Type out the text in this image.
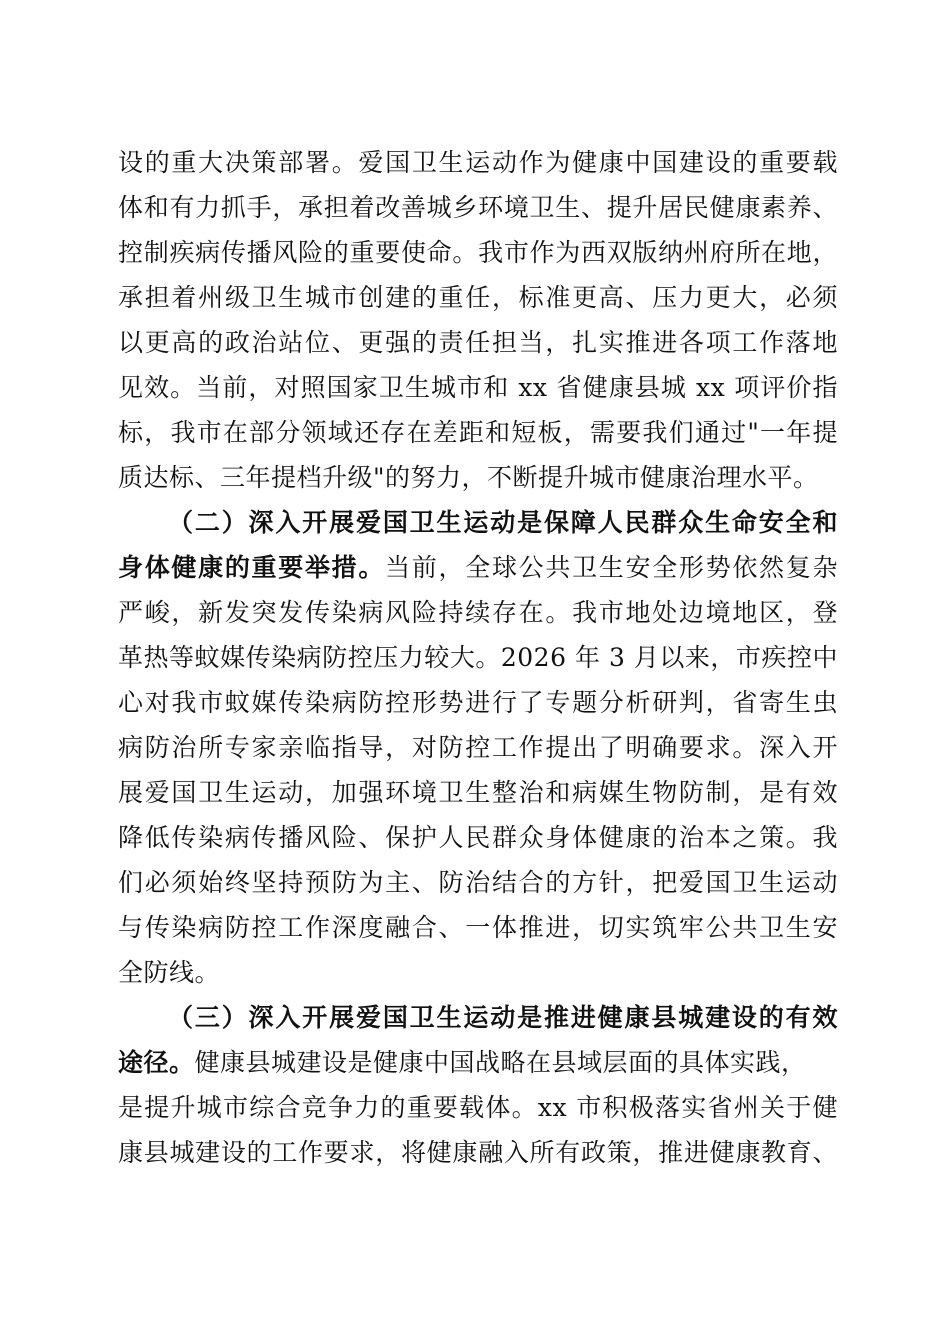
设的重大决策部署。爱国卫生运动作为健康中国建设的重要载
体和有力抓手，承担着改善城乡环境卫生、提升居民健康素养、
控制疾病传播风险的重要使命。我市作为西双版纳州府所在地，
承担着州级卫生城市创建的重任，标准更高、压力更大，必须
以更高的政治站位、更强的责任担当，扎实推进各项工作落地
见效。当前，对照国家卫生城市和 xx 省健康县城 xx 项评价指
标，我市在部分领域还存在差距和短板，需要我们通过"一年提
质达标、三年提档升级"的努力，不断提升城市健康治理水平。
（二）深入开展爱国卫生运动是保障人民群众生命安全和
身体健康的重要举措。当前，全球公共卫生安全形势依然复杂
严峻，新发突发传染病风险持续存在。我市地处边境地区，登
革热等蚊媒传染病防控压力较大。2026 年 3 月以来，市疾控中
心对我市蚊媒传染病防控形势进行了专题分析研判，省寄生虫
病防治所专家亲临指导，对防控工作提出了明确要求。深入开
展爱国卫生运动，加强环境卫生整治和病媒生物防制，是有效
降低传染病传播风险、保护人民群众身体健康的治本之策。我
们必须始终坚持预防为主、防治结合的方针，把爱国卫生运动
与传染病防控工作深度融合、一体推进，切实筑牢公共卫生安
全防线。
（三）深入开展爱国卫生运动是推进健康县城建设的有效
途径。健康县城建设是健康中国战略在县域层面的具体实践，
是提升城市综合竞争力的重要载体。xx 市积极落实省州关于健
康县城建设的工作要求，将健康融入所有政策，推进健康教育、
